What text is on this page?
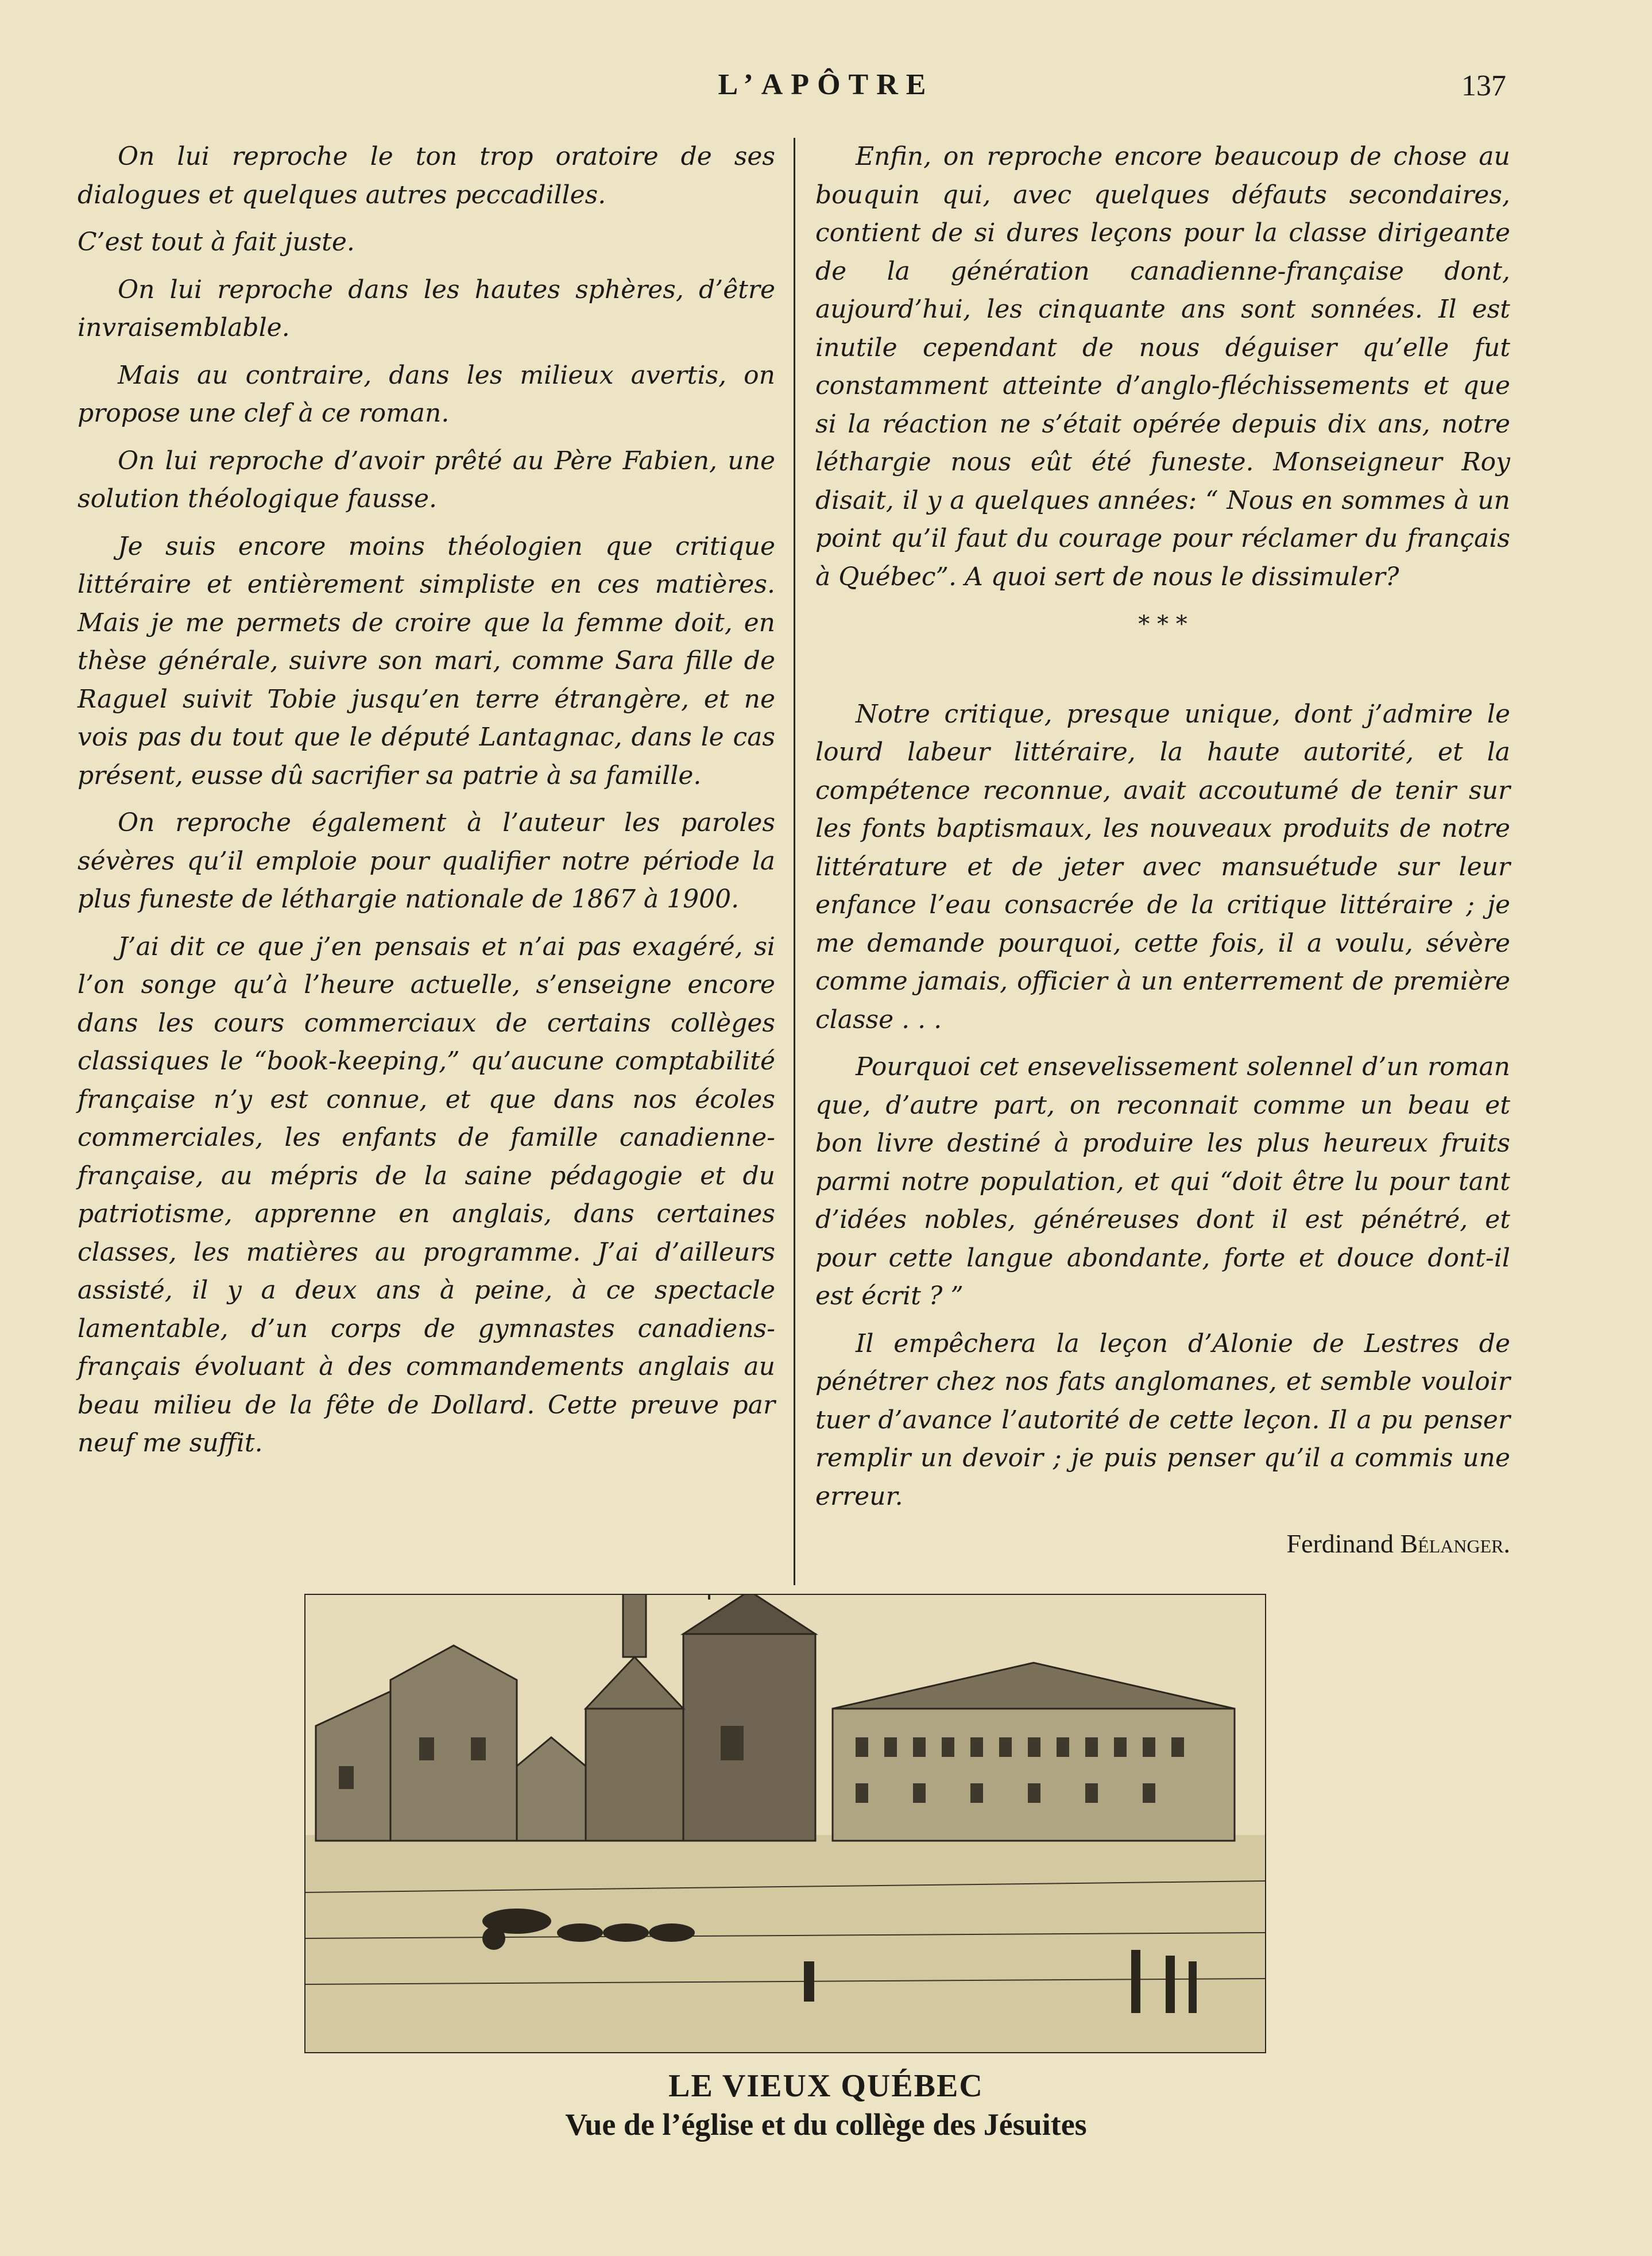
L’APÔTRE	137

On lui reproche le ton trop oratoire de ses dialogues et quelques autres peccadilles.

C’est tout à fait juste.

On lui reproche dans les hautes sphères, d’être invraisemblable.

Mais au contraire, dans les milieux avertis, on propose une clef à ce roman.

On lui reproche d’avoir prêté au Père Fabien, une solution théologique fausse.

Je suis encore moins théologien que critique littéraire et entièrement simpliste en ces matières. Mais je me permets de croire que la femme doit, en thèse générale, suivre son mari, comme Sara fille de Raguel suivit Tobie jusqu’en terre étrangère, et ne vois pas du tout que le député Lantagnac, dans le cas présent, eusse dû sacrifier sa patrie à sa famille.

On reproche également à l’auteur les paroles sévères qu’il emploie pour qualifier notre période la plus funeste de léthargie nationale de 1867 à 1900.

J’ai dit ce que j’en pensais et n’ai pas exagéré, si l’on songe qu’à l’heure actuelle, s’enseigne encore dans les cours commerciaux de certains collèges classiques le “book-keeping,” qu’aucune comptabilité française n’y est connue, et que dans nos écoles commerciales, les enfants de famille canadienne-française, au mépris de la saine pédagogie et du patriotisme, apprenne en anglais, dans certaines classes, les matières au programme. J’ai d’ailleurs assisté, il y a deux ans à peine, à ce spectacle lamentable, d’un corps de gymnastes canadiens-français évoluant à des commandements anglais au beau milieu de la fête de Dollard. Cette preuve par neuf me suffit.

Enfin, on reproche encore beaucoup de chose au bouquin qui, avec quelques défauts secondaires, contient de si dures leçons pour la classe dirigeante de la génération canadienne-française dont, aujourd’hui, les cinquante ans sont sonnées. Il est inutile cependant de nous déguiser qu’elle fut constamment atteinte d’anglo-fléchissements et que si la réaction ne s’était opérée depuis dix ans, notre léthargie nous eût été funeste. Monseigneur Roy disait, il y a quelques années: “ Nous en sommes à un point qu’il faut du courage pour réclamer du français à Québec”. A quoi sert de nous le dissimuler?

* * *

Notre critique, presque unique, dont j’admire le lourd labeur littéraire, la haute autorité, et la compétence reconnue, avait accoutumé de tenir sur les fonts baptismaux, les nouveaux produits de notre littérature et de jeter avec mansuétude sur leur enfance l’eau consacrée de la critique littéraire ; je me demande pourquoi, cette fois, il a voulu, sévère comme jamais, officier à un enterrement de première classe . . .

Pourquoi cet ensevelissement solennel d’un roman que, d’autre part, on reconnait comme un beau et bon livre destiné à produire les plus heureux fruits parmi notre population, et qui “doit être lu pour tant d’idées nobles, généreuses dont il est pénétré, et pour cette langue abondante, forte et douce dont-il est écrit ? ”

Il empêchera la leçon d’Alonie de Lestres de pénétrer chez nos fats anglomanes, et semble vouloir tuer d’avance l’autorité de cette leçon. Il a pu penser remplir un devoir ; je puis penser qu’il a commis une erreur.

Ferdinand Bélanger.
LE VIEUX QUÉBEC
Vue de l’église et du collège des Jésuites
